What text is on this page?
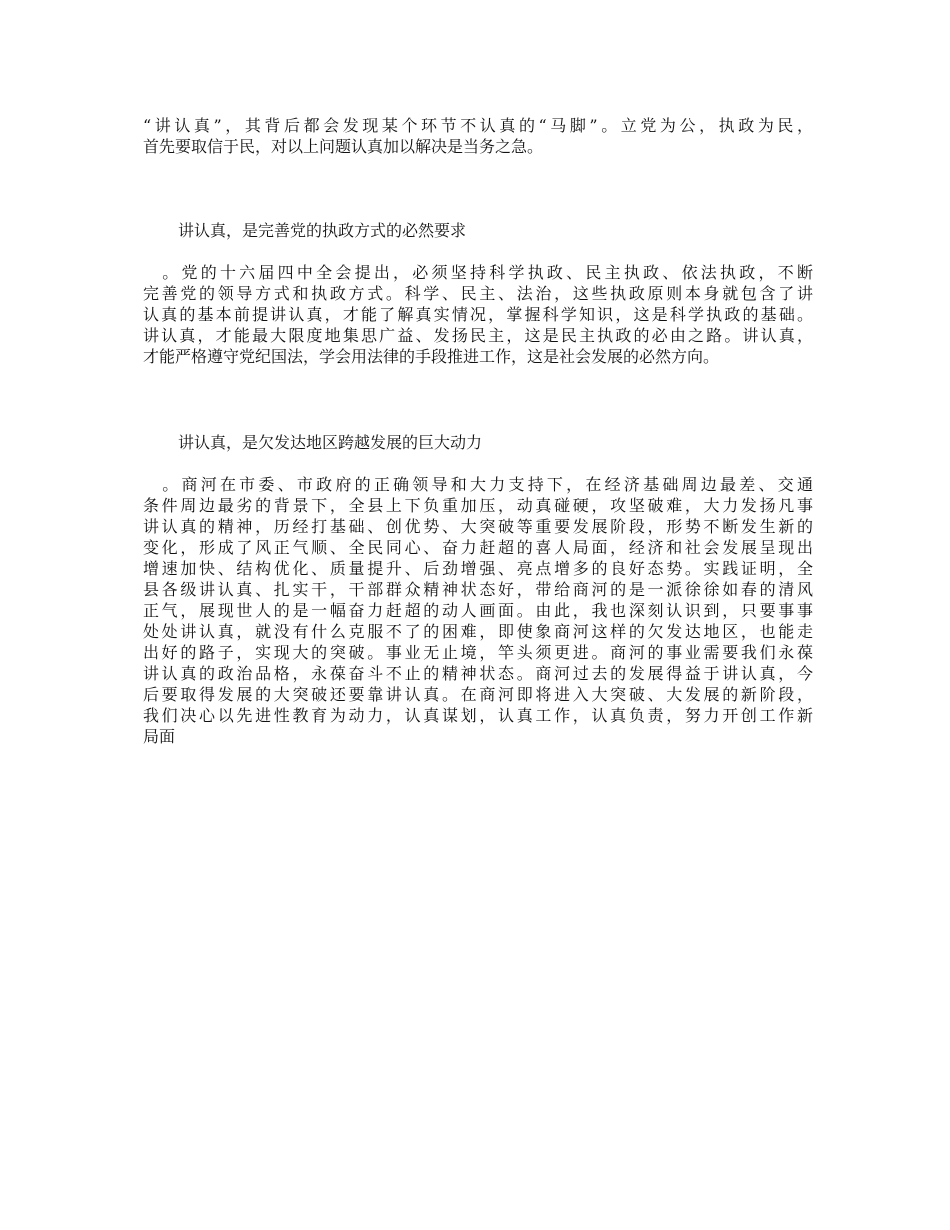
“讲认真”，其背后都会发现某个环节不认真的“马脚”。立党为公，执政为民，
首先要取信于民，对以上问题认真加以解决是当务之急。

讲认真，是完善党的执政方式的必然要求

　。党的十六届四中全会提出，必须坚持科学执政、民主执政、依法执政，不断
完善党的领导方式和执政方式。科学、民主、法治，这些执政原则本身就包含了讲
认真的基本前提讲认真，才能了解真实情况，掌握科学知识，这是科学执政的基础。
讲认真，才能最大限度地集思广益、发扬民主，这是民主执政的必由之路。讲认真，
才能严格遵守党纪国法，学会用法律的手段推进工作，这是社会发展的必然方向。

讲认真，是欠发达地区跨越发展的巨大动力

　。商河在市委、市政府的正确领导和大力支持下，在经济基础周边最差、交通
条件周边最劣的背景下，全县上下负重加压，动真碰硬，攻坚破难，大力发扬凡事
讲认真的精神，历经打基础、创优势、大突破等重要发展阶段，形势不断发生新的
变化，形成了风正气顺、全民同心、奋力赶超的喜人局面，经济和社会发展呈现出
增速加快、结构优化、质量提升、后劲增强、亮点增多的良好态势。实践证明，全
县各级讲认真、扎实干，干部群众精神状态好，带给商河的是一派徐徐如春的清风
正气，展现世人的是一幅奋力赶超的动人画面。由此，我也深刻认识到，只要事事
处处讲认真，就没有什么克服不了的困难，即使象商河这样的欠发达地区，也能走
出好的路子，实现大的突破。事业无止境，竿头须更进。商河的事业需要我们永葆
讲认真的政治品格，永葆奋斗不止的精神状态。商河过去的发展得益于讲认真，今
后要取得发展的大突破还要靠讲认真。在商河即将进入大突破、大发展的新阶段，
我们决心以先进性教育为动力，认真谋划，认真工作，认真负责，努力开创工作新
局面
